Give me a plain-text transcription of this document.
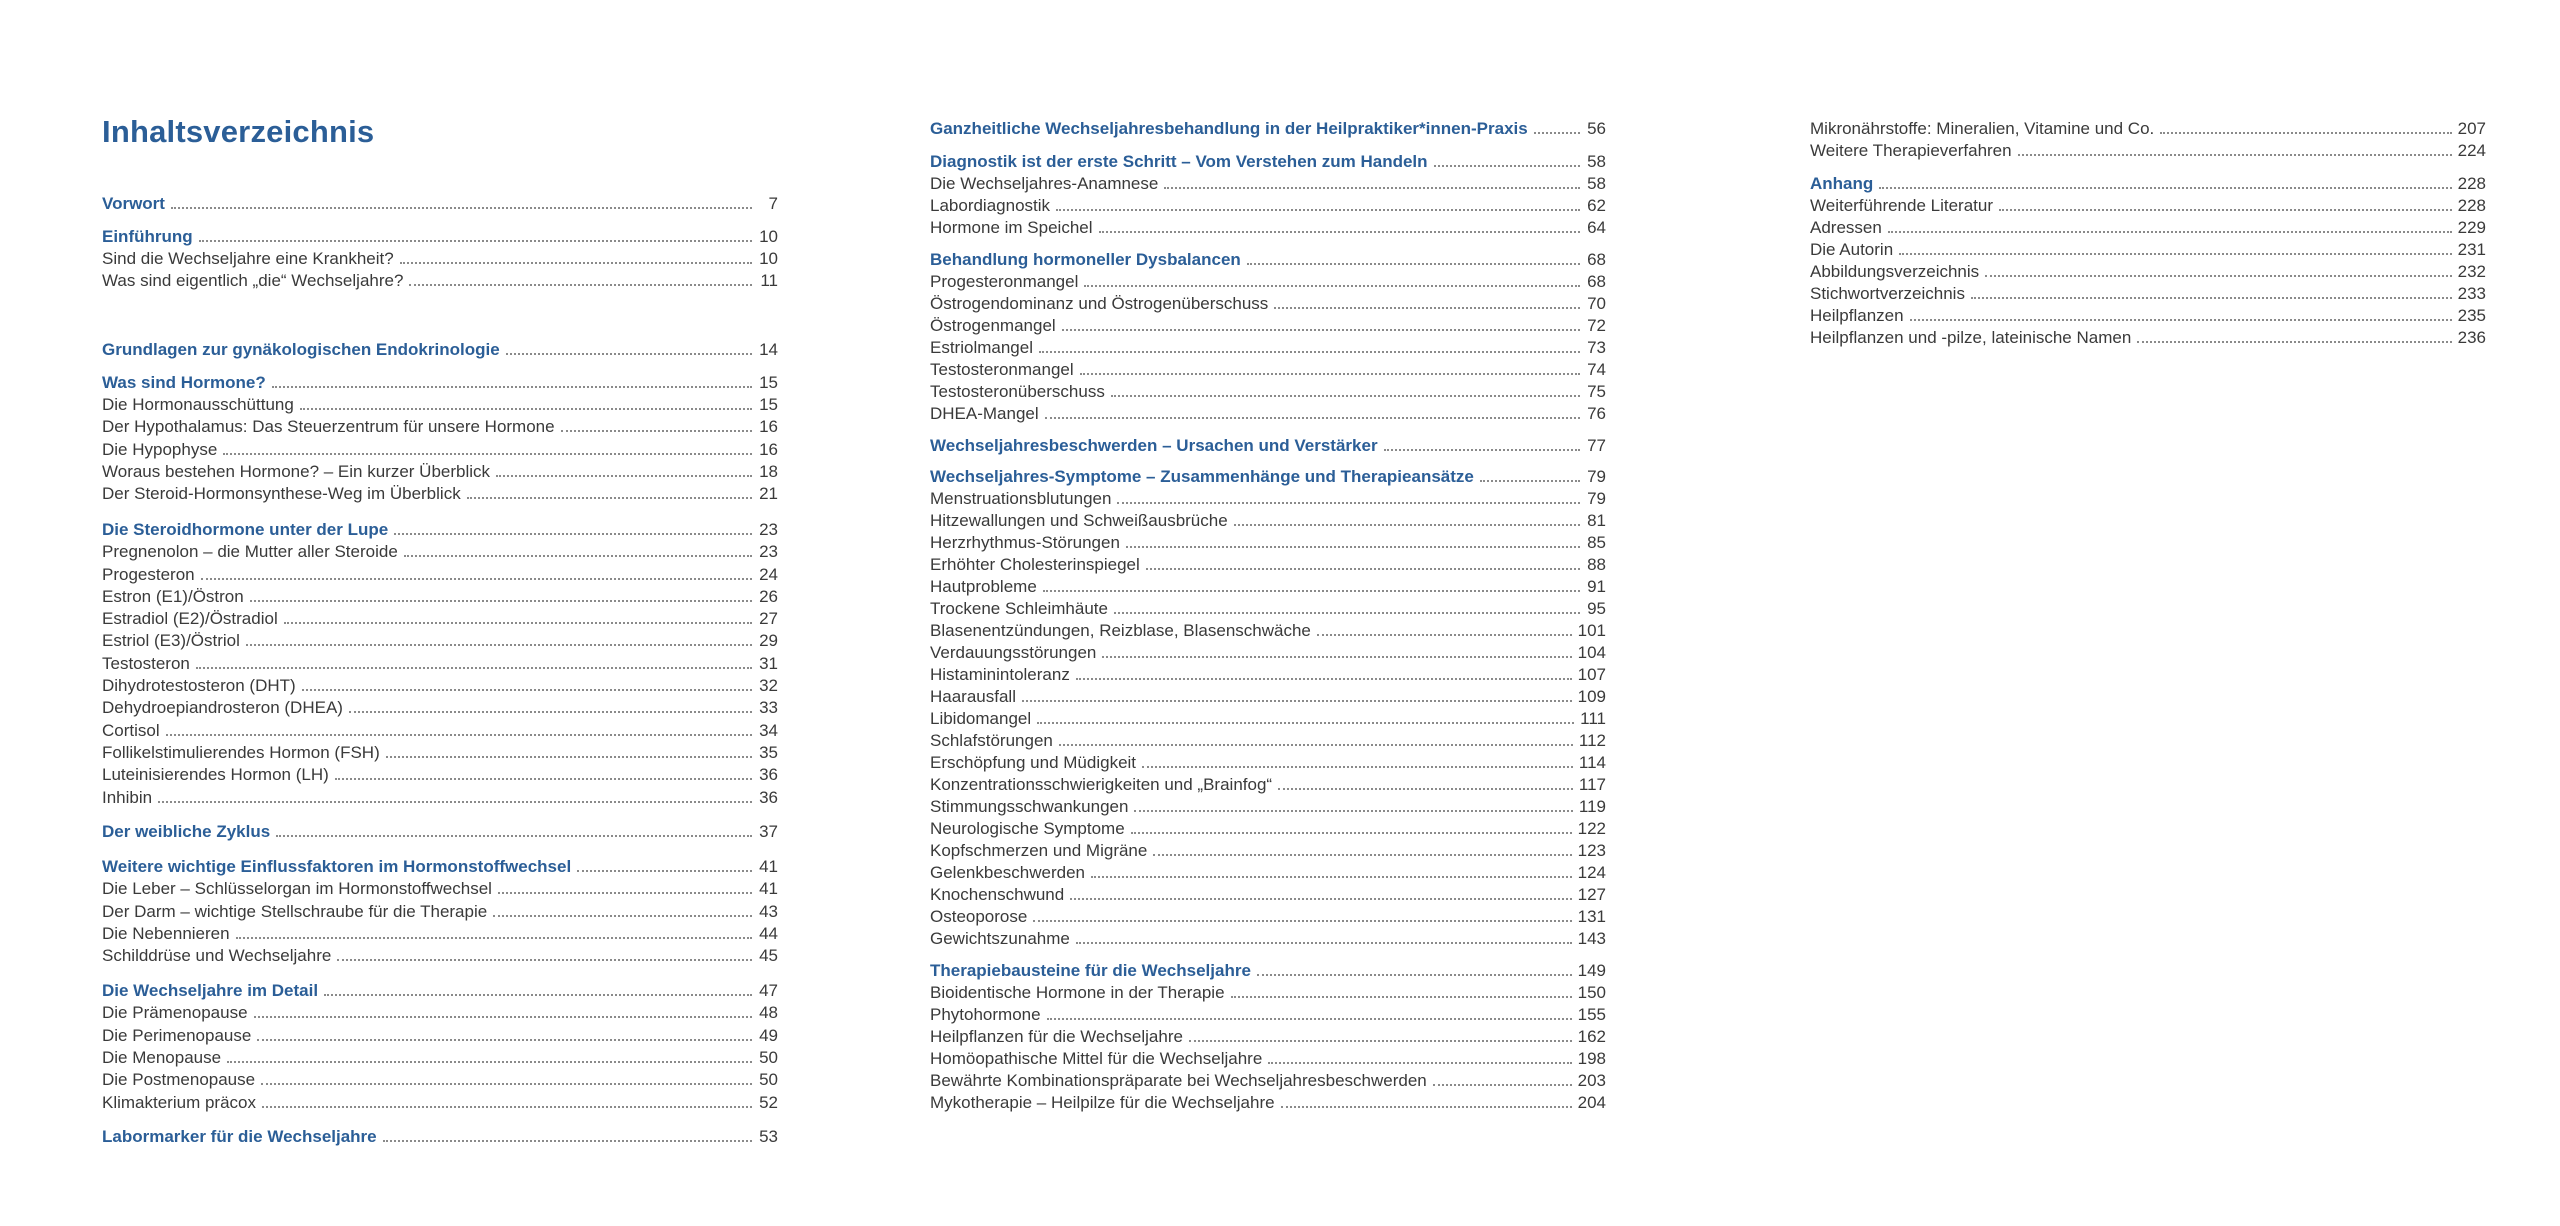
Inhaltsverzeichnis
Vorwort	7
Einführung	10
Sind die Wechseljahre eine Krankheit?	10
Was sind eigentlich „die“ Wechseljahre?	11
Grundlagen zur gynäkologischen Endokrinologie	14
Was sind Hormone?	15
Die Hormonausschüttung	15
Der Hypothalamus: Das Steuerzentrum für unsere Hormone	16
Die Hypophyse	16
Woraus bestehen Hormone? – Ein kurzer Überblick	18
Der Steroid-Hormonsynthese-Weg im Überblick	21
Die Steroidhormone unter der Lupe	23
Pregnenolon – die Mutter aller Steroide	23
Progesteron	24
Estron (E1)/Östron	26
Estradiol (E2)/Östradiol	27
Estriol (E3)/Östriol	29
Testosteron	31
Dihydrotestosteron (DHT)	32
Dehydroepiandrosteron (DHEA)	33
Cortisol	34
Follikelstimulierendes Hormon (FSH)	35
Luteinisierendes Hormon (LH)	36
Inhibin	36
Der weibliche Zyklus	37
Weitere wichtige Einflussfaktoren im Hormonstoffwechsel	41
Die Leber – Schlüsselorgan im Hormonstoffwechsel	41
Der Darm – wichtige Stellschraube für die Therapie	43
Die Nebennieren	44
Schilddrüse und Wechseljahre	45
Die Wechseljahre im Detail	47
Die Prämenopause	48
Die Perimenopause	49
Die Menopause	50
Die Postmenopause	50
Klimakterium präcox	52
Labormarker für die Wechseljahre	53
Ganzheitliche Wechseljahresbehandlung in der Heilpraktiker*innen-Praxis	56
Diagnostik ist der erste Schritt – Vom Verstehen zum Handeln	58
Die Wechseljahres-Anamnese	58
Labordiagnostik	62
Hormone im Speichel	64
Behandlung hormoneller Dysbalancen	68
Progesteronmangel	68
Östrogendominanz und Östrogenüberschuss	70
Östrogenmangel	72
Estriolmangel	73
Testosteronmangel	74
Testosteronüberschuss	75
DHEA-Mangel	76
Wechseljahresbeschwerden – Ursachen und Verstärker	77
Wechseljahres-Symptome – Zusammenhänge und Therapieansätze	79
Menstruationsblutungen	79
Hitzewallungen und Schweißausbrüche	81
Herzrhythmus-Störungen	85
Erhöhter Cholesterinspiegel	88
Hautprobleme	91
Trockene Schleimhäute	95
Blasenentzündungen, Reizblase, Blasenschwäche	101
Verdauungsstörungen	104
Histaminintoleranz	107
Haarausfall	109
Libidomangel	111
Schlafstörungen	112
Erschöpfung und Müdigkeit	114
Konzentrationsschwierigkeiten und „Brainfog“	117
Stimmungsschwankungen	119
Neurologische Symptome	122
Kopfschmerzen und Migräne	123
Gelenkbeschwerden	124
Knochenschwund	127
Osteoporose	131
Gewichtszunahme	143
Therapiebausteine für die Wechseljahre	149
Bioidentische Hormone in der Therapie	150
Phytohormone	155
Heilpflanzen für die Wechseljahre	162
Homöopathische Mittel für die Wechseljahre	198
Bewährte Kombinationspräparate bei Wechseljahresbeschwerden	203
Mykotherapie – Heilpilze für die Wechseljahre	204
Mikronährstoffe: Mineralien, Vitamine und Co.	207
Weitere Therapieverfahren	224
Anhang	228
Weiterführende Literatur	228
Adressen	229
Die Autorin	231
Abbildungsverzeichnis	232
Stichwortverzeichnis	233
Heilpflanzen	235
Heilpflanzen und -pilze, lateinische Namen	236
